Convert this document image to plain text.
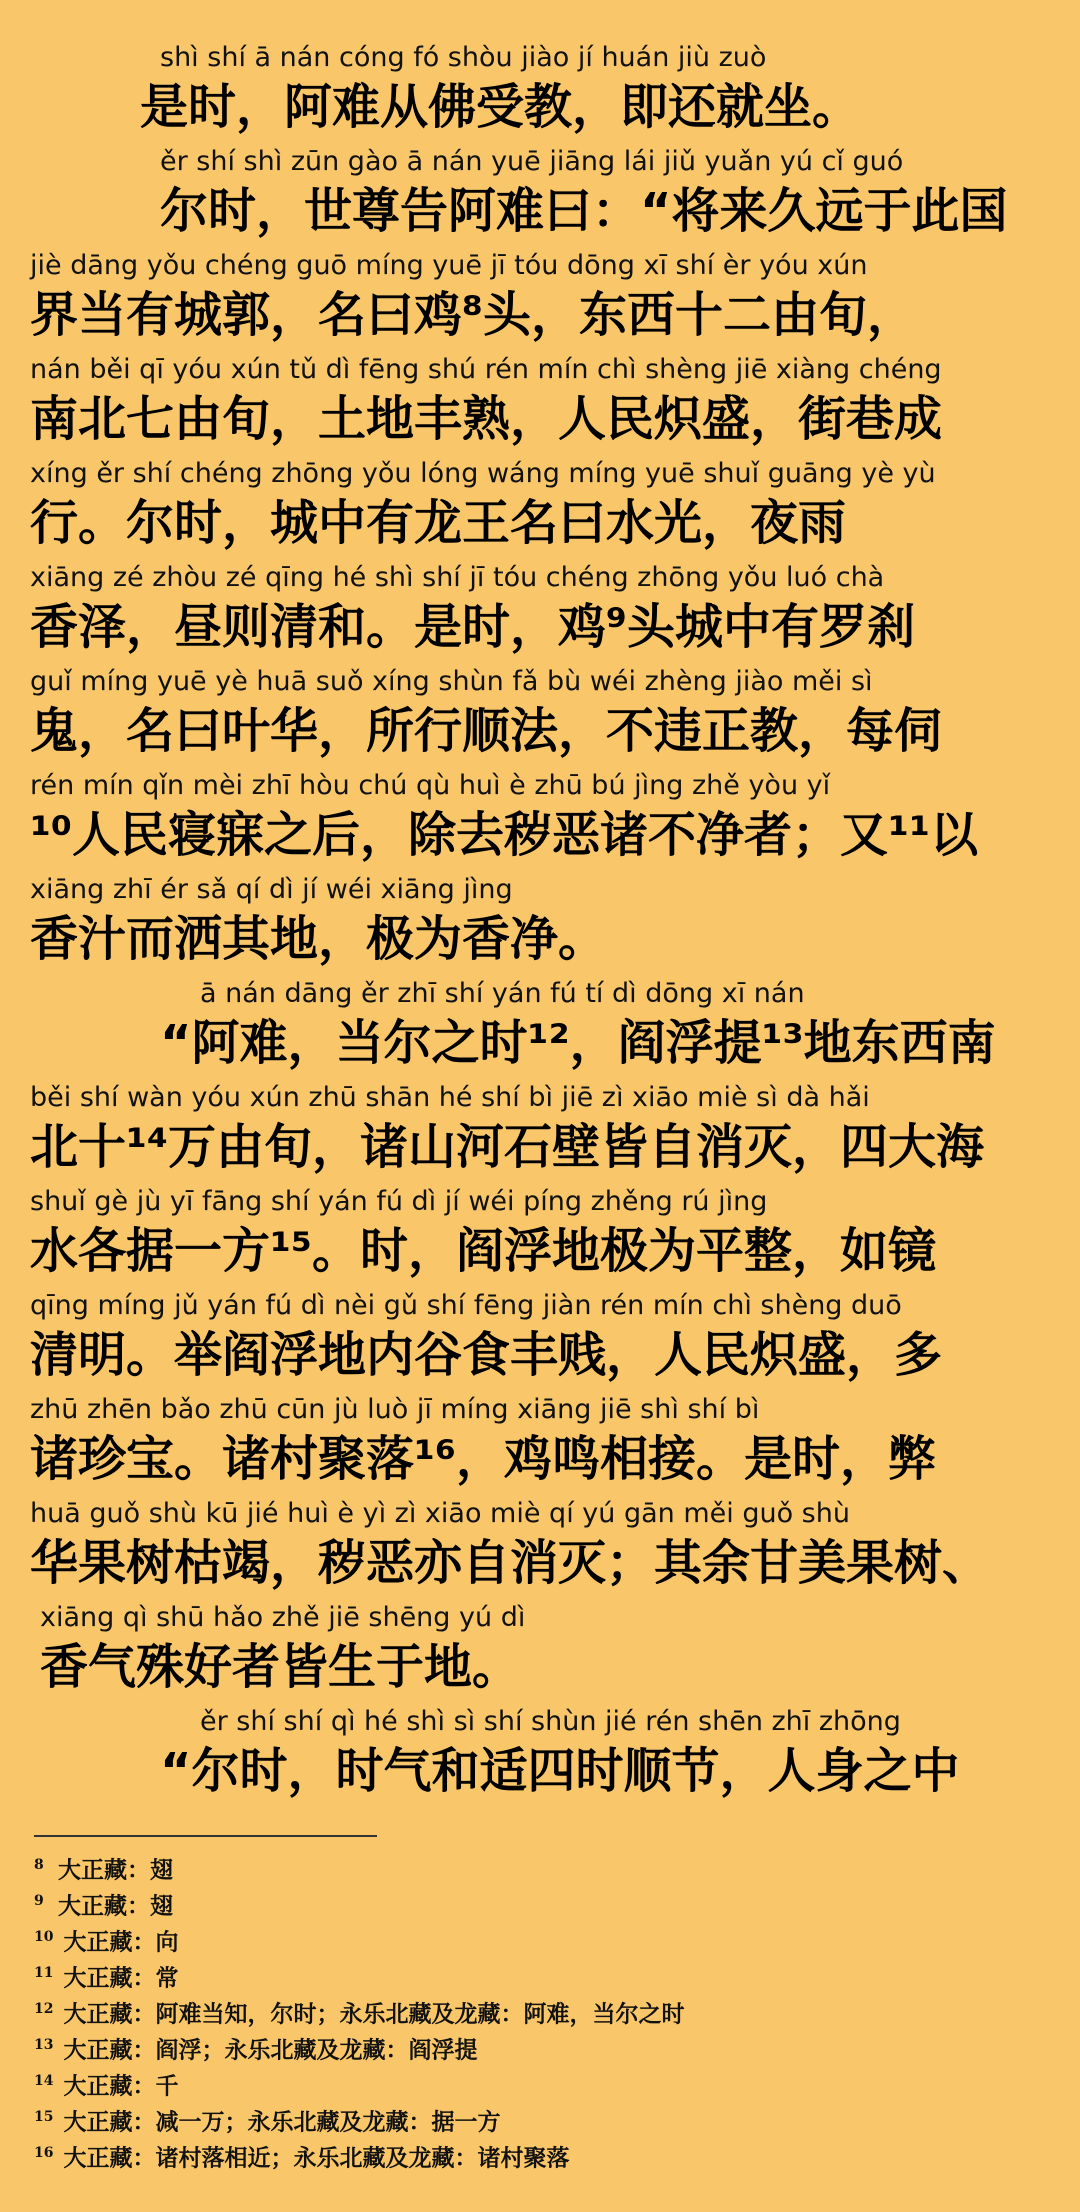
shì shí ā nán cóng fó shòu jiào jí huán jiù zuò
是时，阿难从佛受教，即还就坐。
ěr shí shì zūn gào ā nán yuē jiāng lái jiǔ yuǎn yú cǐ guó
尔时，世尊告阿难曰：“将来久远于此国
jiè dāng yǒu chéng guō míng yuē jī tóu dōng xī shí èr yóu xún
界当有城郭，名曰鸡⁸头，东西十二由旬，
nán běi qī yóu xún tǔ dì fēng shú rén mín chì shèng jiē xiàng chéng
南北七由旬，土地丰熟，人民炽盛，街巷成
xíng ěr shí chéng zhōng yǒu lóng wáng míng yuē shuǐ guāng yè yù
行。尔时，城中有龙王名曰水光，夜雨
xiāng zé zhòu zé qīng hé shì shí jī tóu chéng zhōng yǒu luó chà
香泽，昼则清和。是时，鸡⁹头城中有罗刹
guǐ míng yuē yè huā suǒ xíng shùn fǎ bù wéi zhèng jiào měi sì
鬼，名曰叶华，所行顺法，不违正教，每伺
rén mín qǐn mèi zhī hòu chú qù huì è zhū bú jìng zhě yòu yǐ
¹⁰人民寝寐之后，除去秽恶诸不净者；又¹¹以
xiāng zhī ér sǎ qí dì jí wéi xiāng jìng
香汁而洒其地，极为香净。
ā nán dāng ěr zhī shí yán fú tí dì dōng xī nán
“阿难，当尔之时¹²，阎浮提¹³地东西南
běi shí wàn yóu xún zhū shān hé shí bì jiē zì xiāo miè sì dà hǎi
北十¹⁴万由旬，诸山河石壁皆自消灭，四大海
shuǐ gè jù yī fāng shí yán fú dì jí wéi píng zhěng rú jìng
水各据一方¹⁵。时，阎浮地极为平整，如镜
qīng míng jǔ yán fú dì nèi gǔ shí fēng jiàn rén mín chì shèng duō
清明。举阎浮地内谷食丰贱，人民炽盛，多
zhū zhēn bǎo zhū cūn jù luò jī míng xiāng jiē shì shí bì
诸珍宝。诸村聚落¹⁶，鸡鸣相接。是时，弊
huā guǒ shù kū jié huì è yì zì xiāo miè qí yú gān měi guǒ shù
华果树枯竭，秽恶亦自消灭；其余甘美果树、
xiāng qì shū hǎo zhě jiē shēng yú dì
香气殊好者皆生于地。
ěr shí shí qì hé shì sì shí shùn jié rén shēn zhī zhōng
“尔时，时气和适四时顺节，人身之中
8 大正藏：翅
9 大正藏：翅
10 大正藏：向
11 大正藏：常
12 大正藏：阿难当知，尔时；永乐北藏及龙藏：阿难，当尔之时
13 大正藏：阎浮；永乐北藏及龙藏：阎浮提
14 大正藏：千
15 大正藏：减一万；永乐北藏及龙藏：据一方
16 大正藏：诸村落相近；永乐北藏及龙藏：诸村聚落
